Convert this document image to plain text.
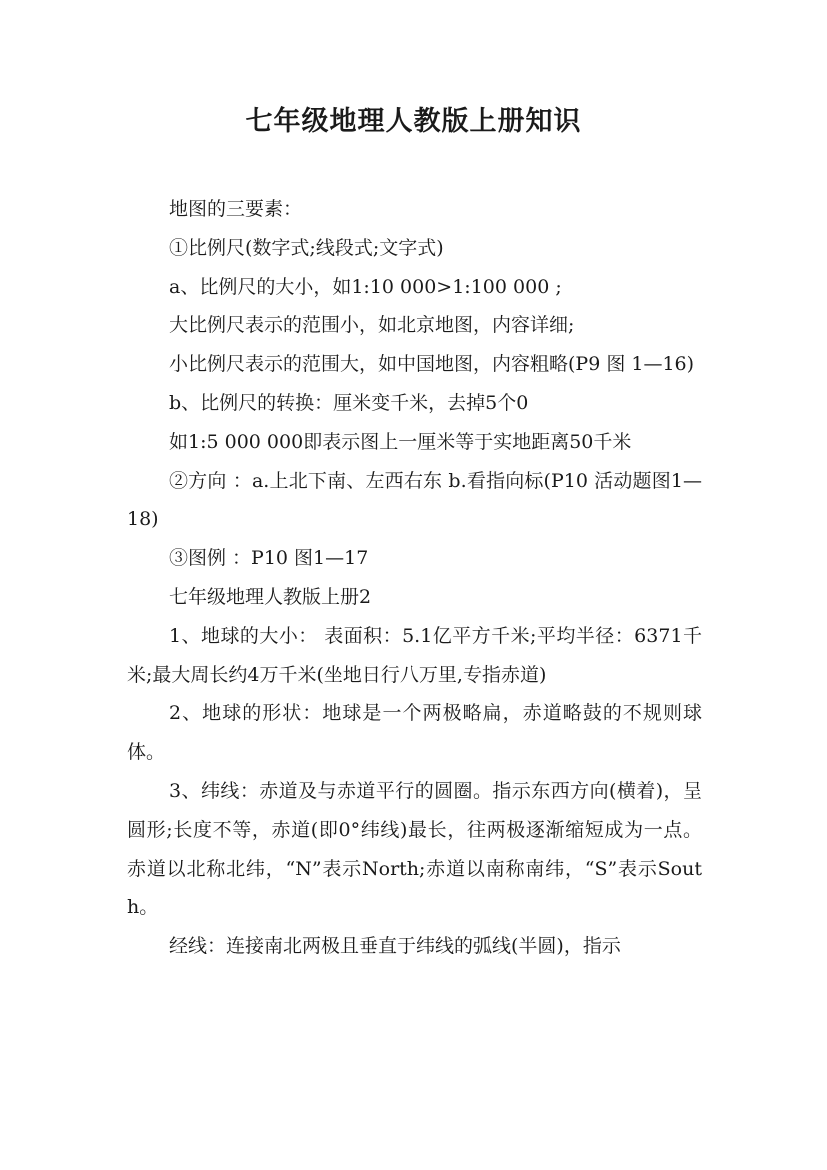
七年级地理人教版上册知识

地图的三要素：

①比例尺(数字式;线段式;文字式)

a、比例尺的大小，如1:10 000>1:100 000 ;

大比例尺表示的范围小，如北京地图，内容详细;

小比例尺表示的范围大，如中国地图，内容粗略(P9 图 1—16)

b、比例尺的转换：厘米变千米，去掉5个0

如1:5 000 000即表示图上一厘米等于实地距离50千米

②方向 ：a.上北下南、左西右东 b.看指向标(P10 活动题图1—18)

③图例 ：P10 图1—17

七年级地理人教版上册2

1、地球的大小： 表面积：5.1亿平方千米;平均半径：6371千米;最大周长约4万千米(坐地日行八万里,专指赤道)

2、地球的形状：地球是一个两极略扁，赤道略鼓的不规则球体。

3、纬线：赤道及与赤道平行的圆圈。指示东西方向(横着)，呈圆形;长度不等，赤道(即0°纬线)最长，往两极逐渐缩短成为一点。 赤道以北称北纬，“N”表示North;赤道以南称南纬，“S”表示South。

经线：连接南北两极且垂直于纬线的弧线(半圆)，指示
